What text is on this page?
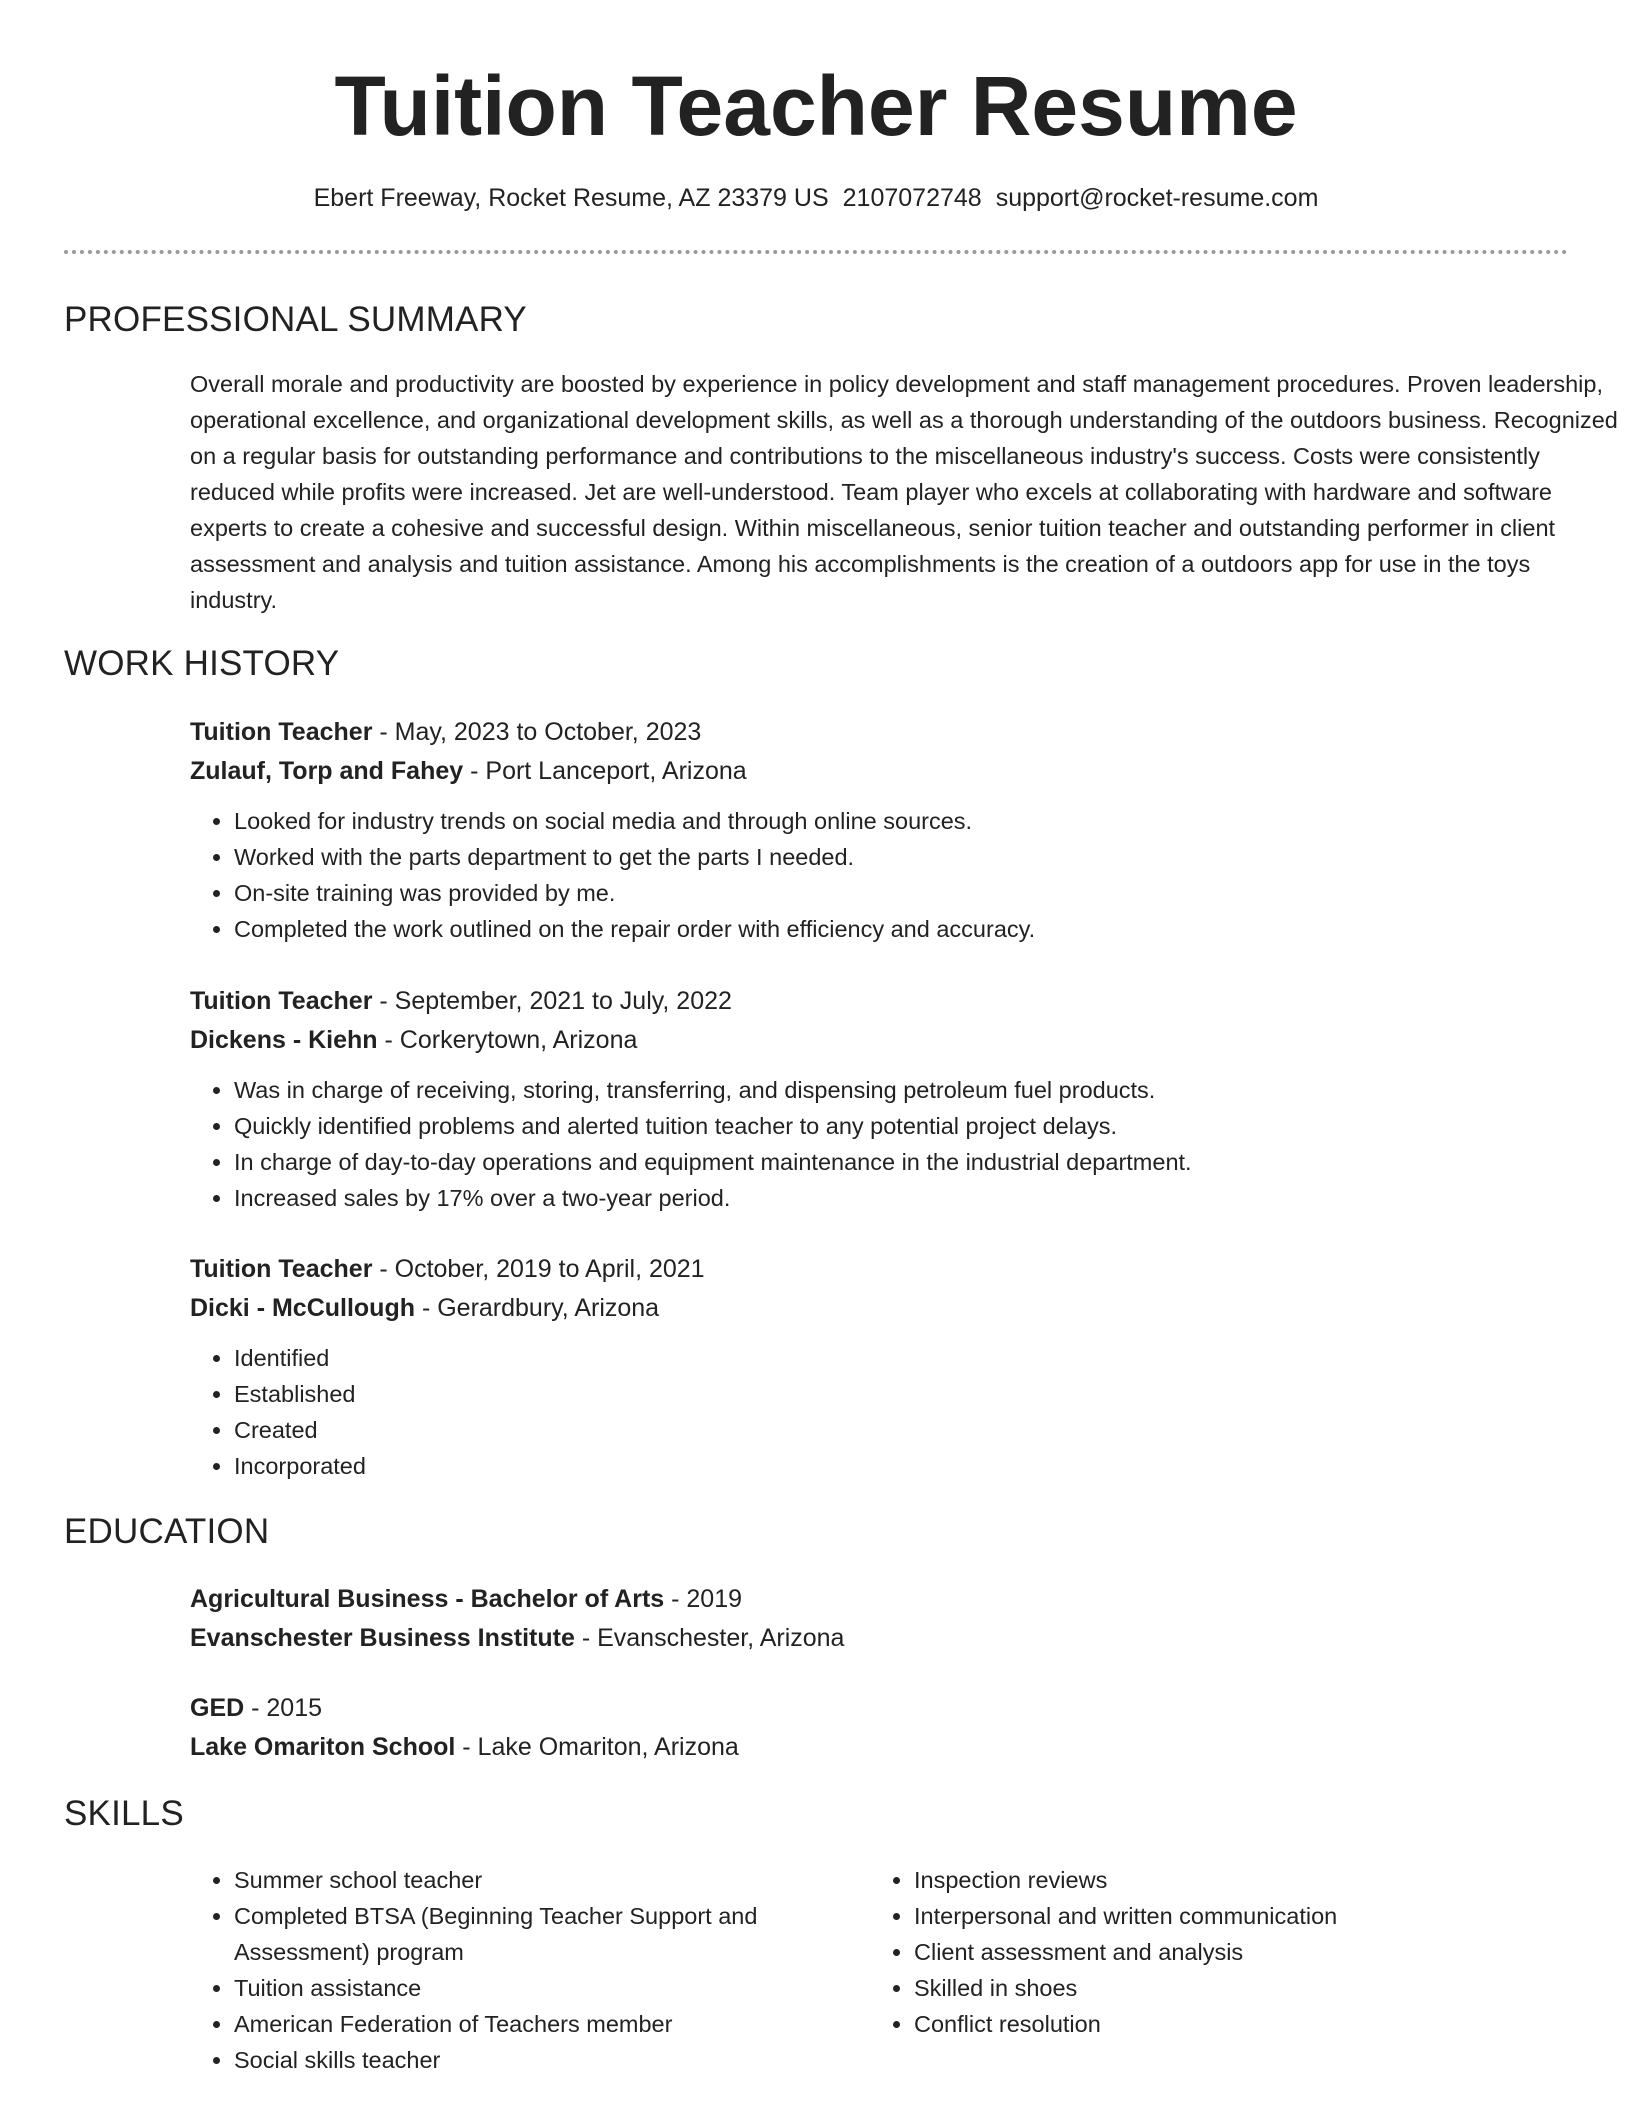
Tuition Teacher Resume
Ebert Freeway, Rocket Resume, AZ 23379 US 2107072748 support@rocket-resume.com
PROFESSIONAL SUMMARY

Overall morale and productivity are boosted by experience in policy development and staff management procedures. Proven leadership, operational excellence, and organizational development skills, as well as a thorough understanding of the outdoors business. Recognized on a regular basis for outstanding performance and contributions to the miscellaneous industry's success. Costs were consistently reduced while profits were increased. Jet are well-understood. Team player who excels at collaborating with hardware and software experts to create a cohesive and successful design. Within miscellaneous, senior tuition teacher and outstanding performer in client assessment and analysis and tuition assistance. Among his accomplishments is the creation of a outdoors app for use in the toys industry.

WORK HISTORY
Tuition Teacher - May, 2023 to October, 2023
Zulauf, Torp and Fahey - Port Lanceport, Arizona
• Looked for industry trends on social media and through online sources.
• Worked with the parts department to get the parts I needed.
• On-site training was provided by me.
• Completed the work outlined on the repair order with efficiency and accuracy.
Tuition Teacher - September, 2021 to July, 2022
Dickens - Kiehn - Corkerytown, Arizona
• Was in charge of receiving, storing, transferring, and dispensing petroleum fuel products.
• Quickly identified problems and alerted tuition teacher to any potential project delays.
• In charge of day-to-day operations and equipment maintenance in the industrial department.
• Increased sales by 17% over a two-year period.
Tuition Teacher - October, 2019 to April, 2021
Dicki - McCullough - Gerardbury, Arizona
• Identified
• Established
• Created
• Incorporated
EDUCATION
Agricultural Business - Bachelor of Arts - 2019
Evanschester Business Institute - Evanschester, Arizona
GED - 2015
Lake Omariton School - Lake Omariton, Arizona
SKILLS
• Summer school teacher
• Completed BTSA (Beginning Teacher Support and Assessment) program
• Tuition assistance
• American Federation of Teachers member
• Social skills teacher
• Inspection reviews
• Interpersonal and written communication
• Client assessment and analysis
• Skilled in shoes
• Conflict resolution
